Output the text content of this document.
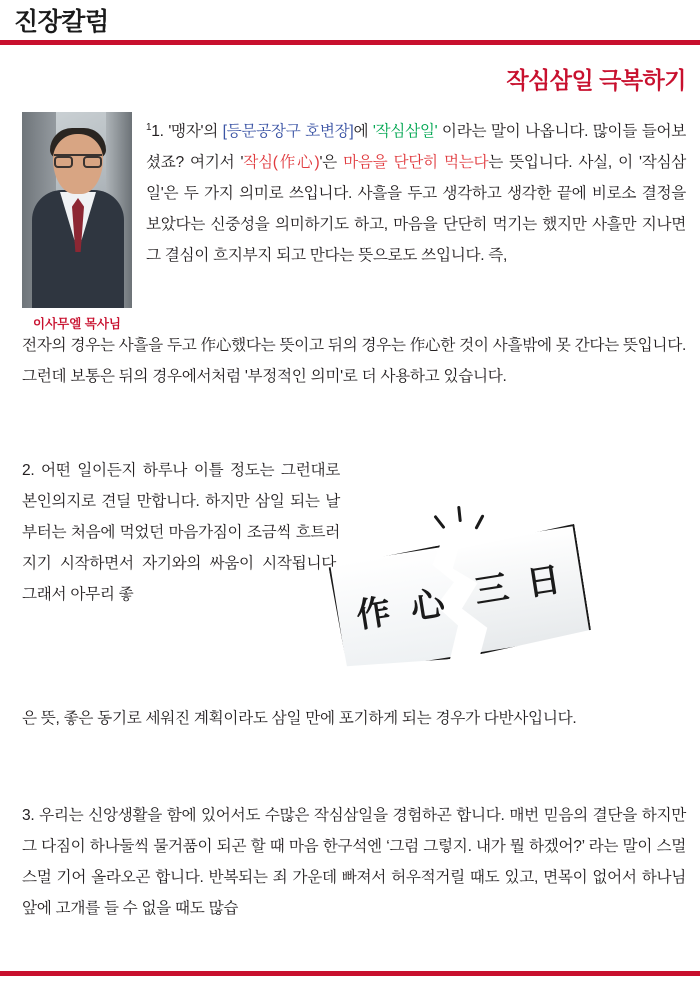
진장칼럼
작심삼일 극복하기
이사무엘 목사님
$^1$1. '맹자'의 [등문공장구 호변장]에 '작심삼일' 이라는 말이 나옵니다. 많이들 들어보셨죠? 여기서 '작심(作心)'은 마음을 단단히 먹는다는 뜻입니다. 사실, 이 '작심삼일'은 두 가지 의미로 쓰입니다. 사흘을 두고 생각하고 생각한 끝에 비로소 결정을 보았다는 신중성을 의미하기도 하고, 마음을 단단히 먹기는 했지만 사흘만 지나면 그 결심이 흐지부지 되고 만다는 뜻으로도 쓰입니다. 즉,
전자의 경우는 사흘을 두고 作心했다는 뜻이고 뒤의 경우는 作心한 것이 사흘밖에 못 간다는 뜻입니다. 그런데 보통은 뒤의 경우에서처럼 '부정적인 의미'로 더 사용하고 있습니다.
2. 어떤 일이든지 하루나 이틀 정도는 그런대로 본인의지로 견딜 만합니다. 하지만 삼일 되는 날부터는 처음에 먹었던 마음가짐이 조금씩 흐트러지기 시작하면서 자기와의 싸움이 시작됩니다. 그래서 아무리 좋	作 心 三 日
은 뜻, 좋은 동기로 세워진 계획이라도 삼일 만에 포기하게 되는 경우가 다반사입니다.
3. 우리는 신앙생활을 함에 있어서도 수많은 작심삼일을 경험하곤 합니다. 매번 믿음의 결단을 하지만 그 다짐이 하나둘씩 물거품이 되곤 할 때 마음 한구석엔 ‘그럼 그렇지. 내가 뭘 하겠어?’ 라는 말이 스멀스멀 기어 올라오곤 합니다. 반복되는 죄 가운데 빠져서 허우적거릴 때도 있고, 면목이 없어서 하나님 앞에 고개를 들 수 없을 때도 많습
